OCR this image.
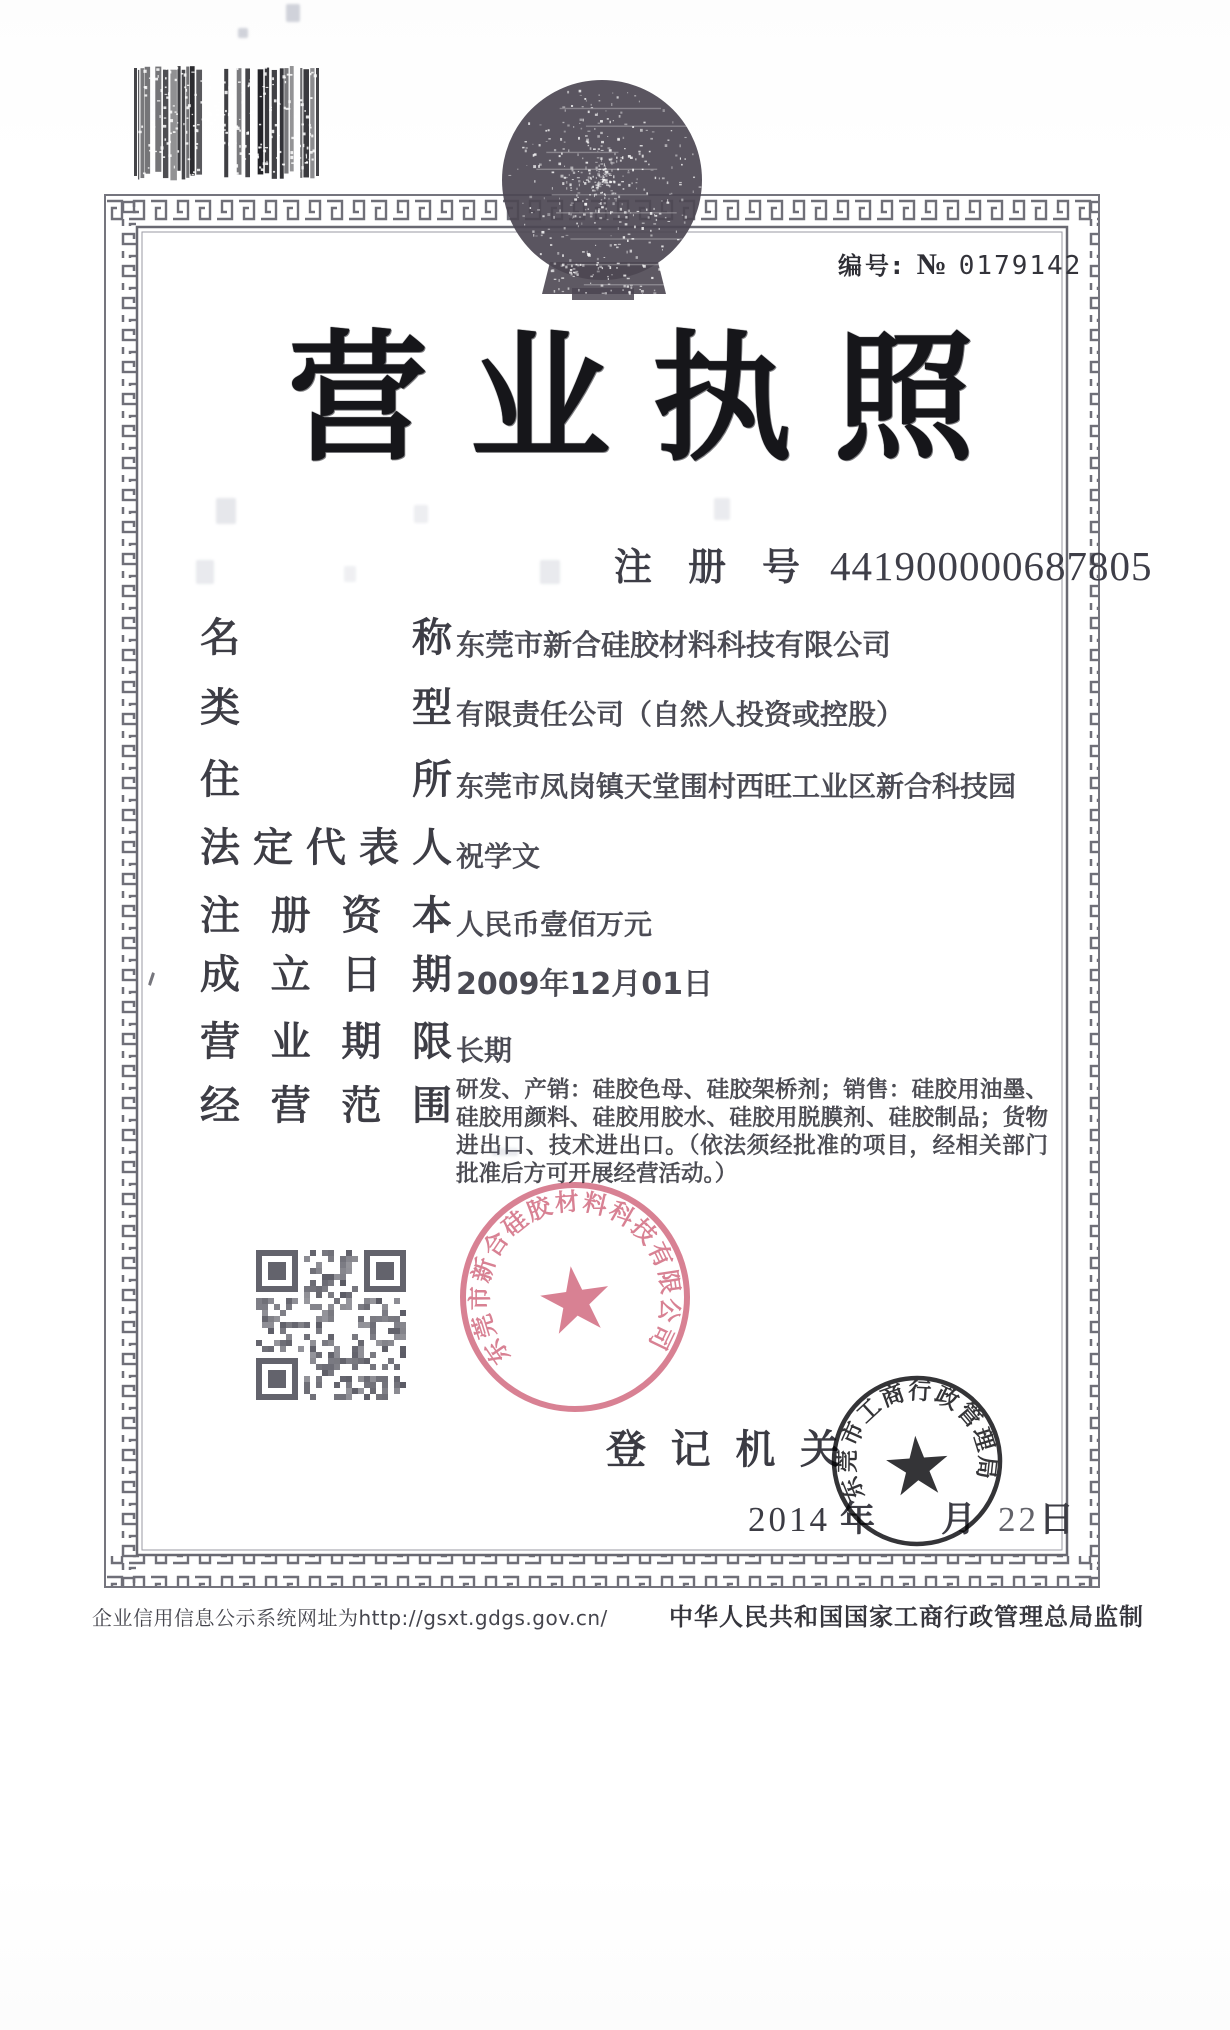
编号: № 0179142
营 业 执 照
注 册 号 441900000687805
名	称 东莞市新合硅胶材料科技有限公司
类	型 有限责任公司（自然人投资或控股）
住	所 东莞市凤岗镇天堂围村西旺工业区新合科技园
法 定 代 表 人 祝学文
注 册 资 本 人民币壹佰万元
成 立 日 期 2009年12月01日
营 业 期 限 长期
经 营 范 围 研发、产销：硅胶色母、硅胶架桥剂；销售：硅胶用油墨、硅胶用颜料、硅胶用胶水、硅胶用脱膜剂、硅胶制品；货物进出口、技术进出口。（依法须经批准的项目，经相关部门批准后方可开展经营活动。）
东莞市新合硅胶材料科技有限公司
登 记 机 关
2014 年 月 22 日
东莞市工商行政管理局
企业信用信息公示系统网址为http://gsxt.gdgs.gov.cn/	中华人民共和国国家工商行政管理总局监制
